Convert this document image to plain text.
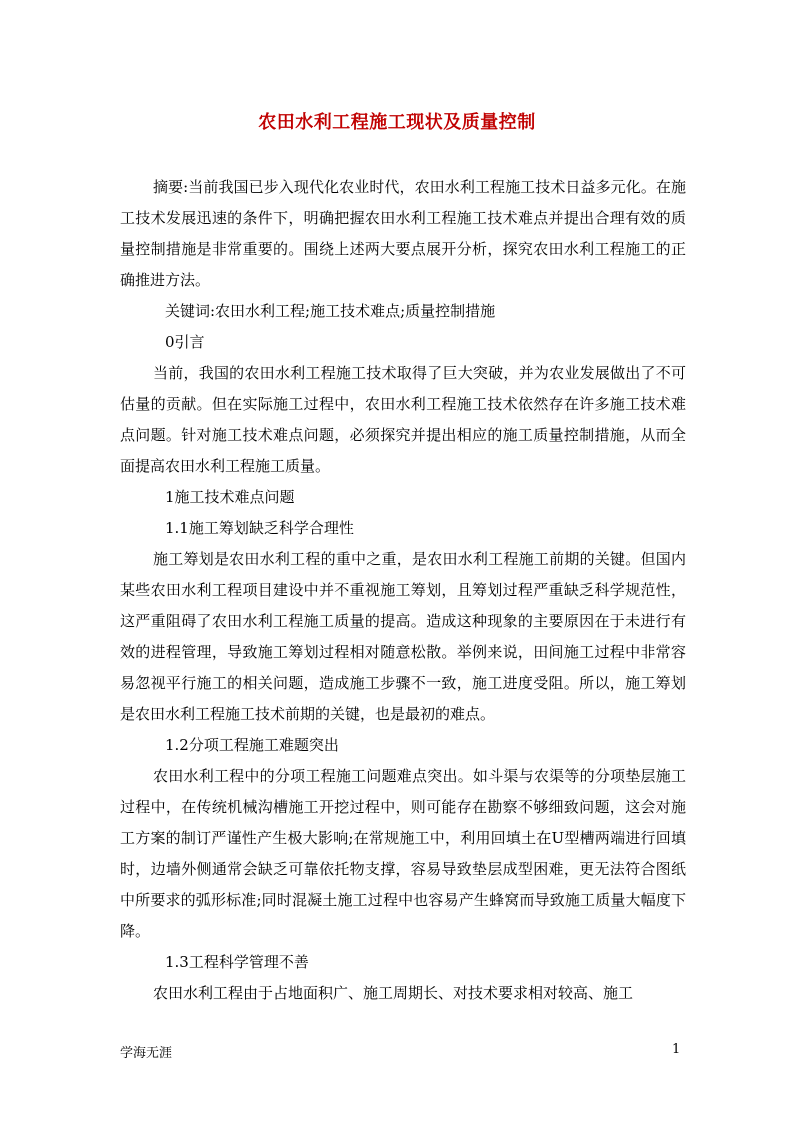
农田水利工程施工现状及质量控制

摘要:当前我国已步入现代化农业时代，农田水利工程施工技术日益多元化。在施工技术发展迅速的条件下，明确把握农田水利工程施工技术难点并提出合理有效的质量控制措施是非常重要的。围绕上述两大要点展开分析，探究农田水利工程施工的正确推进方法。

关键词:农田水利工程;施工技术难点;质量控制措施

0引言

当前，我国的农田水利工程施工技术取得了巨大突破，并为农业发展做出了不可估量的贡献。但在实际施工过程中，农田水利工程施工技术依然存在许多施工技术难点问题。针对施工技术难点问题，必须探究并提出相应的施工质量控制措施，从而全面提高农田水利工程施工质量。

1施工技术难点问题

1.1施工筹划缺乏科学合理性

施工筹划是农田水利工程的重中之重，是农田水利工程施工前期的关键。但国内某些农田水利工程项目建设中并不重视施工筹划，且筹划过程严重缺乏科学规范性，这严重阻碍了农田水利工程施工质量的提高。造成这种现象的主要原因在于未进行有效的进程管理，导致施工筹划过程相对随意松散。举例来说，田间施工过程中非常容易忽视平行施工的相关问题，造成施工步骤不一致，施工进度受阻。所以，施工筹划是农田水利工程施工技术前期的关键，也是最初的难点。

1.2分项工程施工难题突出

农田水利工程中的分项工程施工问题难点突出。如斗渠与农渠等的分项垫层施工过程中，在传统机械沟槽施工开挖过程中，则可能存在勘察不够细致问题，这会对施工方案的制订严谨性产生极大影响;在常规施工中，利用回填土在U型槽两端进行回填时，边墙外侧通常会缺乏可靠依托物支撑，容易导致垫层成型困难，更无法符合图纸中所要求的弧形标准;同时混凝土施工过程中也容易产生蜂窝而导致施工质量大幅度下降。

1.3工程科学管理不善

农田水利工程由于占地面积广、施工周期长、对技术要求相对较高、施工

学海无涯	1
